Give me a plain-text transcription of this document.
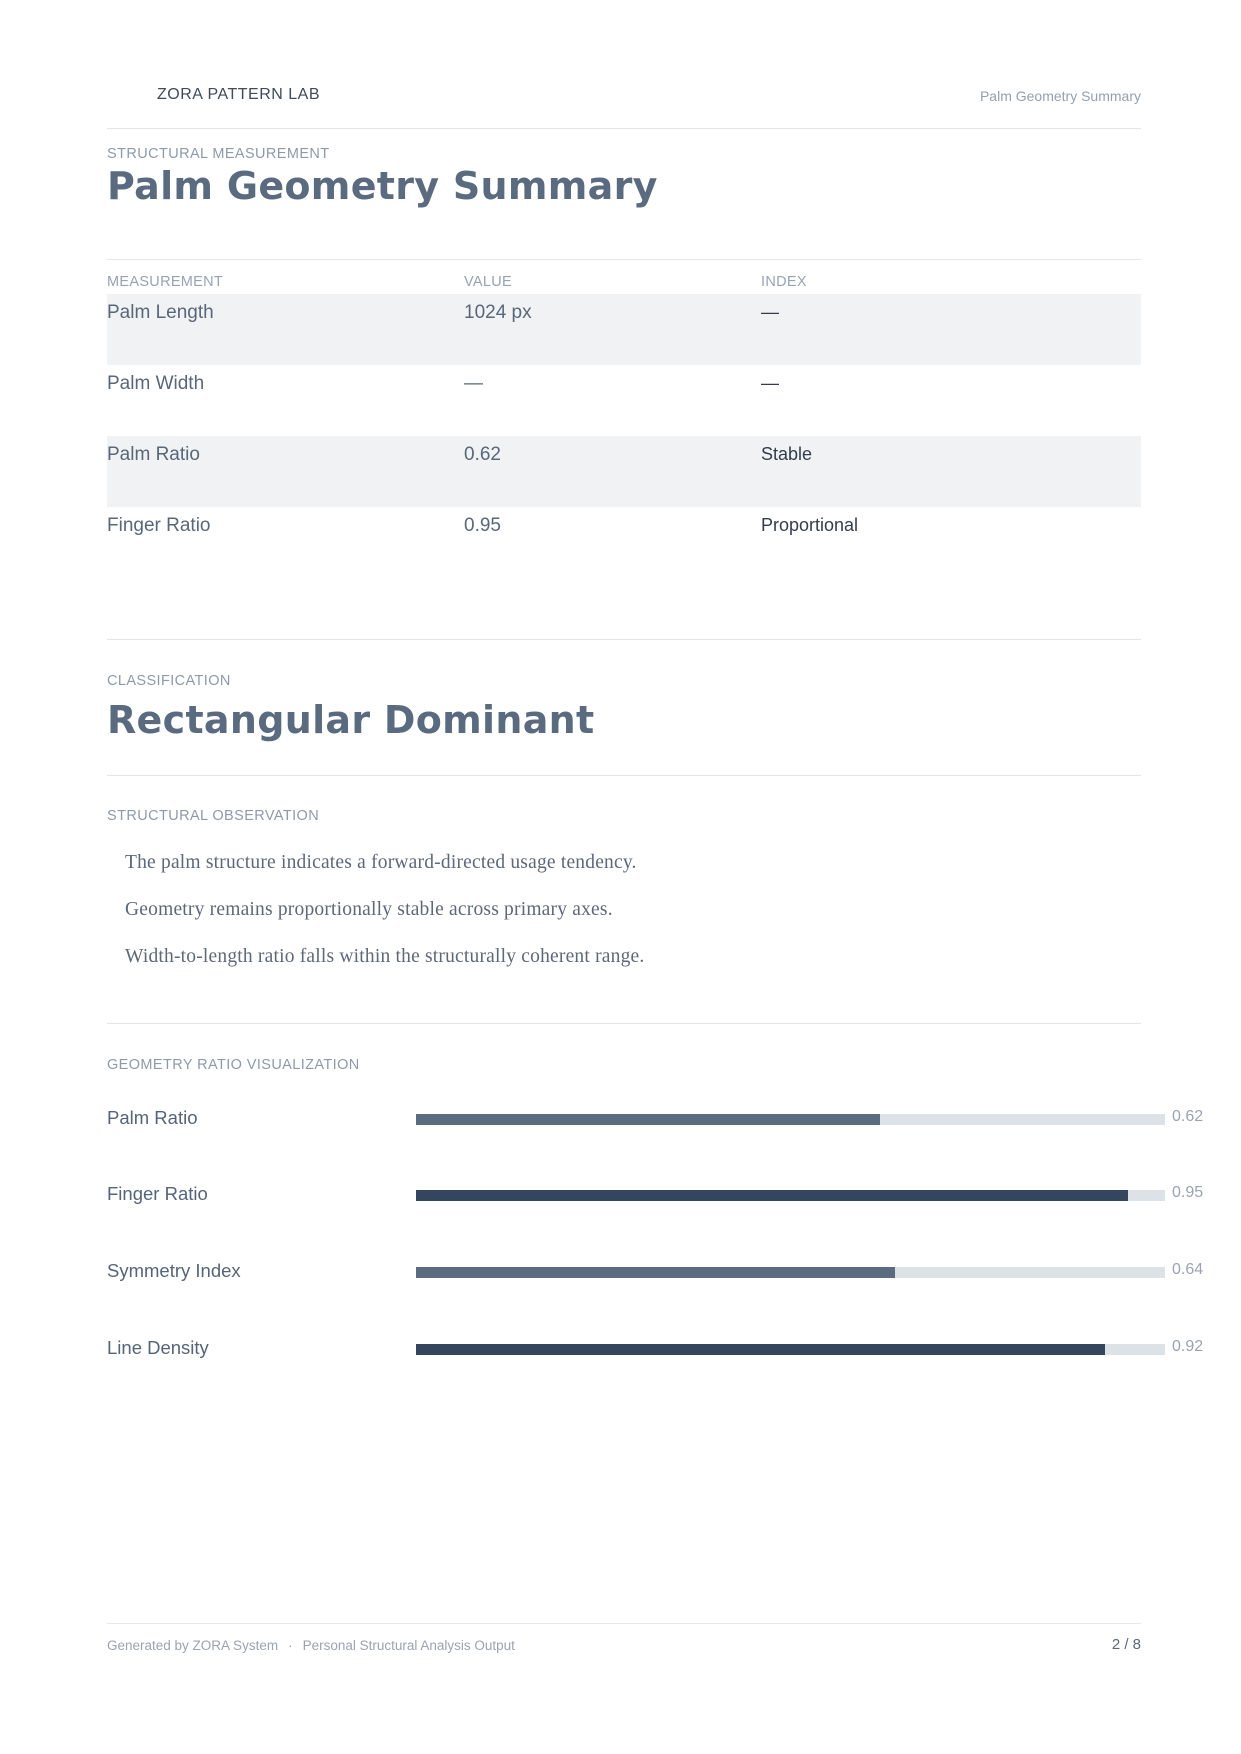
ZORA PATTERN LAB	Palm Geometry Summary
STRUCTURAL MEASUREMENT
Palm Geometry Summary
MEASUREMENT	VALUE	INDEX
Palm Length	1024 px	—
Palm Width	—	—
Palm Ratio	0.62	Stable
Finger Ratio	0.95	Proportional
CLASSIFICATION
Rectangular Dominant
STRUCTURAL OBSERVATION
The palm structure indicates a forward-directed usage tendency.
Geometry remains proportionally stable across primary axes.
Width-to-length ratio falls within the structurally coherent range.
GEOMETRY RATIO VISUALIZATION
Palm Ratio	0.62
Finger Ratio	0.95
Symmetry Index	0.64
Line Density	0.92
Generated by ZORA System · Personal Structural Analysis Output	2 / 8
